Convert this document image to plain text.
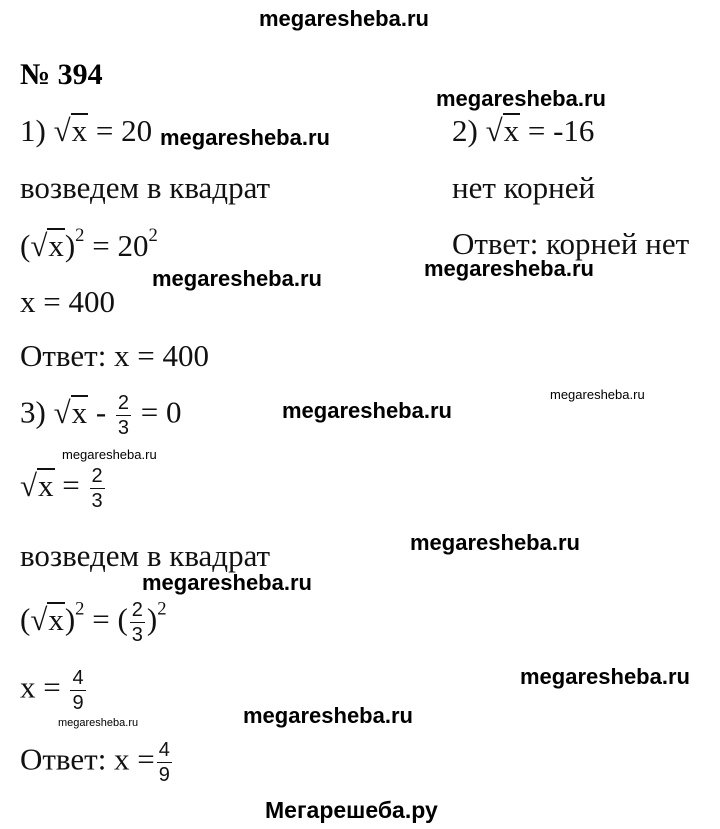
megaresheba.ru
№ 394
1) √x = 20 megaresheba.ru
возведем в квадрат
$(√x)^2 = 20^2$
megaresheba.ru
x = 400
Ответ: x = 400
megaresheba.ru
2) √x = -16
нет корней
Ответ: корней нет
megaresheba.ru
megaresheba.ru
3) $√x - \frac{2}{3} = 0$	megaresheba.ru
megaresheba.ru
$√x = \frac{2}{3}$
megaresheba.ru
возведем в квадрат
megaresheba.ru
$(√x)^2$ = ( $\frac{2}{3} )^2$
megaresheba.ru
$x = \frac{4}{9}$
megaresheba.ru
megaresheba.ru
Ответ: $x = \frac{4}{9}$
Мегарешеба.ру
